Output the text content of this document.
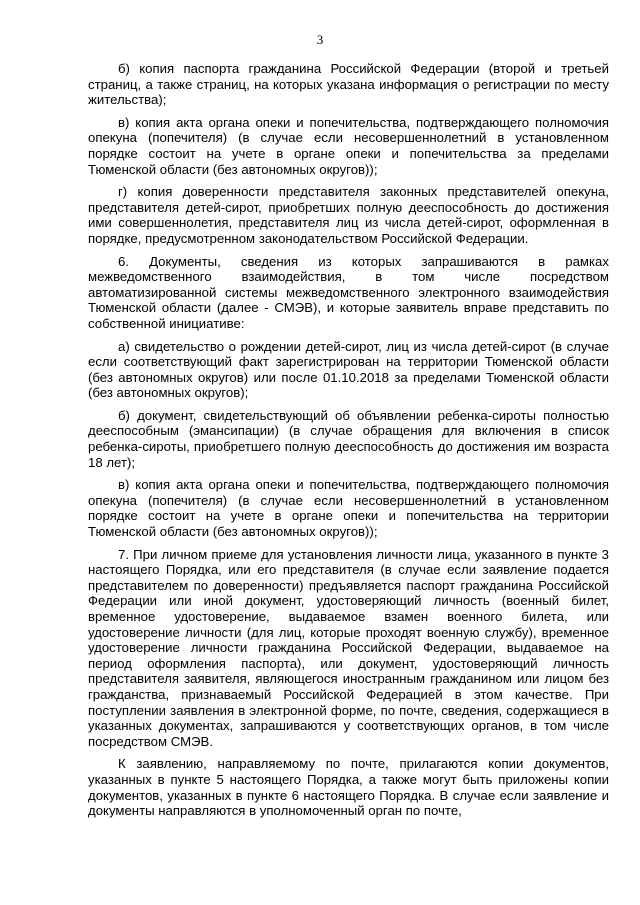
3

б) копия паспорта гражданина Российской Федерации (второй и третьей страниц, а также страниц, на которых указана информация о регистрации по месту жительства);

в) копия акта органа опеки и попечительства, подтверждающего полномочия опекуна (попечителя) (в случае если несовершеннолетний в установленном порядке состоит на учете в органе опеки и попечительства за пределами Тюменской области (без автономных округов));

г) копия доверенности представителя законных представителей опекуна, представителя детей-сирот, приобретших полную дееспособность до достижения ими совершеннолетия, представителя лиц из числа детей-сирот, оформленная в порядке, предусмотренном законодательством Российской Федерации.

6. Документы, сведения из которых запрашиваются в рамках межведомственного взаимодействия, в том числе посредством автоматизированной системы межведомственного электронного взаимодействия Тюменской области (далее - СМЭВ), и которые заявитель вправе представить по собственной инициативе:

а) свидетельство о рождении детей-сирот, лиц из числа детей-сирот (в случае если соответствующий факт зарегистрирован на территории Тюменской области (без автономных округов) или после 01.10.2018 за пределами Тюменской области (без автономных округов);

б) документ, свидетельствующий об объявлении ребенка-сироты полностью дееспособным (эмансипации) (в случае обращения для включения в список ребенка-сироты, приобретшего полную дееспособность до достижения им возраста 18 лет);

в) копия акта органа опеки и попечительства, подтверждающего полномочия опекуна (попечителя) (в случае если несовершеннолетний в установленном порядке состоит на учете в органе опеки и попечительства на территории Тюменской области (без автономных округов));

7. При личном приеме для установления личности лица, указанного в пункте 3 настоящего Порядка, или его представителя (в случае если заявление подается представителем по доверенности) предъявляется паспорт гражданина Российской Федерации или иной документ, удостоверяющий личность (военный билет, временное удостоверение, выдаваемое взамен военного билета, или удостоверение личности (для лиц, которые проходят военную службу), временное удостоверение личности гражданина Российской Федерации, выдаваемое на период оформления паспорта), или документ, удостоверяющий личность представителя заявителя, являющегося иностранным гражданином или лицом без гражданства, признаваемый Российской Федерацией в этом качестве. При поступлении заявления в электронной форме, по почте, сведения, содержащиеся в указанных документах, запрашиваются у соответствующих органов, в том числе посредством СМЭВ.

К заявлению, направляемому по почте, прилагаются копии документов, указанных в пункте 5 настоящего Порядка, а также могут быть приложены копии документов, указанных в пункте 6 настоящего Порядка. В случае если заявление и документы направляются в уполномоченный орган по почте,
